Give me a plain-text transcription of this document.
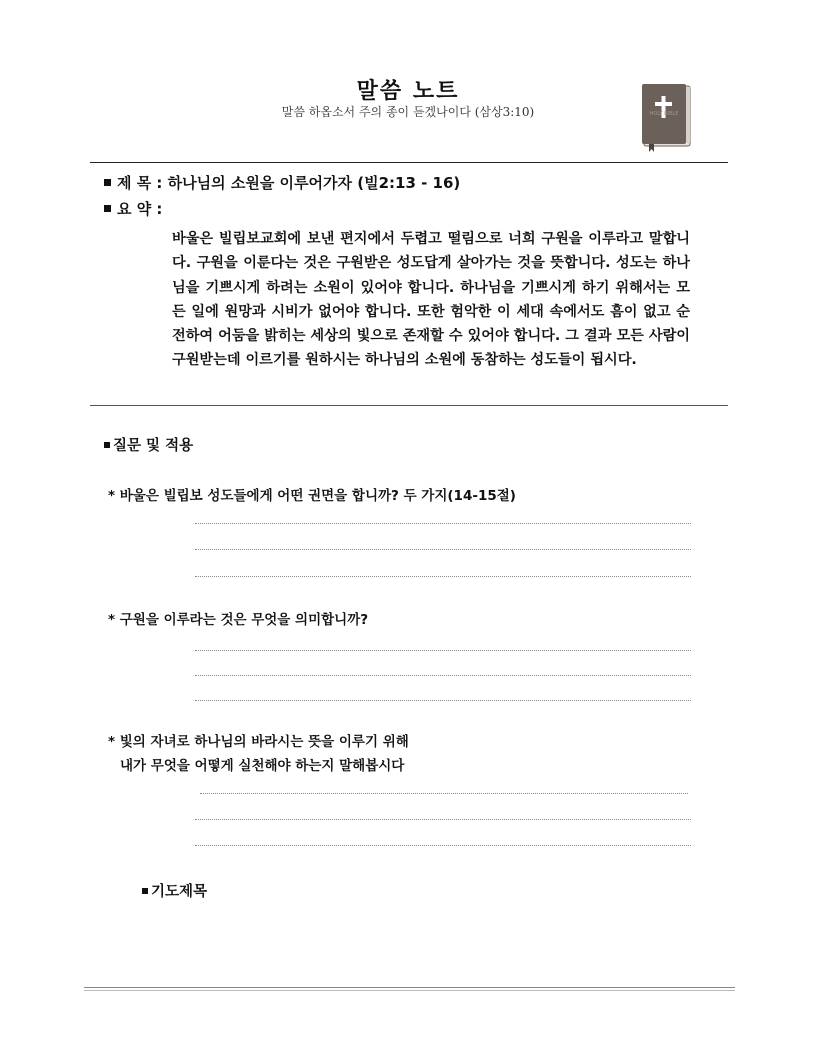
말씀 노트
말씀 하옵소서 주의 종이 듣겠나이다 (삼상3:10)	HOLY BIBLE
제 목 : 하나님의 소원을 이루어가자 (빌2:13 - 16)
요 약 :
바울은 빌립보교회에 보낸 편지에서 두렵고 떨림으로 너희 구원을 이루라고 말합니다. 구원을 이룬다는 것은 구원받은 성도답게 살아가는 것을 뜻합니다. 성도는 하나님을 기쁘시게 하려는 소원이 있어야 합니다. 하나님을 기쁘시게 하기 위해서는 모든 일에 원망과 시비가 없어야 합니다. 또한 험악한 이 세대 속에서도 흠이 없고 순전하여 어둠을 밝히는 세상의 빛으로 존재할 수 있어야 합니다. 그 결과 모든 사람이 구원받는데 이르기를 원하시는 하나님의 소원에 동참하는 성도들이 됩시다.
질문 및 적용
* 바울은 빌립보 성도들에게 어떤 권면을 합니까? 두 가지(14-15절)
* 구원을 이루라는 것은 무엇을 의미합니까?
* 빛의 자녀로 하나님의 바라시는 뜻을 이루기 위해
내가 무엇을 어떻게 실천해야 하는지 말해봅시다
기도제목
